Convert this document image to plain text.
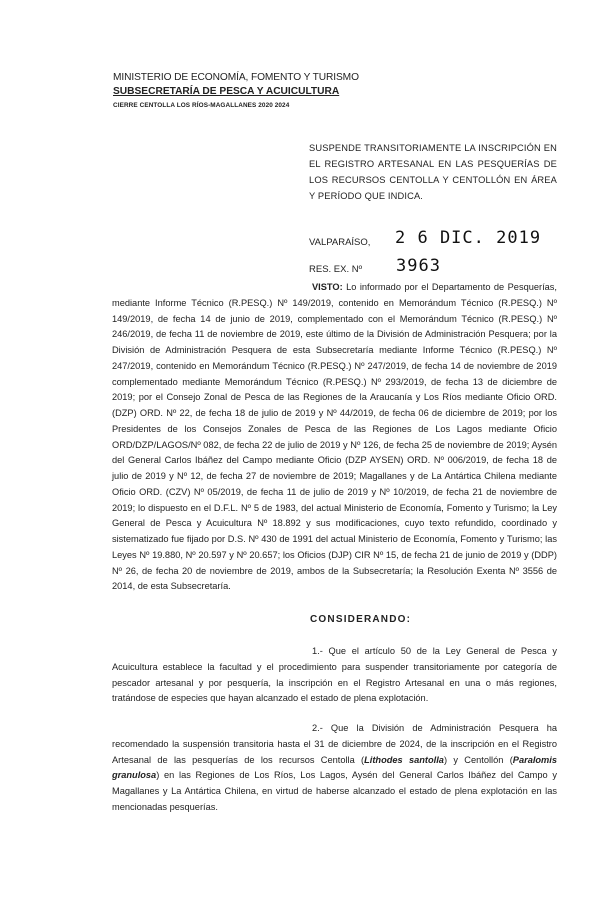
MINISTERIO DE ECONOMÍA, FOMENTO Y TURISMO
SUBSECRETARÍA DE PESCA Y ACUICULTURA
CIERRE CENTOLLA LOS RÍOS-MAGALLANES 2020 2024
SUSPENDE TRANSITORIAMENTE LA INSCRIPCIÓN EN EL REGISTRO ARTESANAL EN LAS PESQUERÍAS DE LOS RECURSOS CENTOLLA Y CENTOLLÓN EN ÁREA Y PERÍODO QUE INDICA.
VALPARAÍSO, 2 6 DIC. 2019
RES. EX. Nº 3963
VISTO: Lo informado por el Departamento de Pesquerías, mediante Informe Técnico (R.PESQ.) Nº 149/2019, contenido en Memorándum Técnico (R.PESQ.) Nº 149/2019, de fecha 14 de junio de 2019, complementado con el Memorándum Técnico (R.PESQ.) Nº 246/2019, de fecha 11 de noviembre de 2019, este último de la División de Administración Pesquera; por la División de Administración Pesquera de esta Subsecretaría mediante Informe Técnico (R.PESQ.) Nº 247/2019, contenido en Memorándum Técnico (R.PESQ.) Nº 247/2019, de fecha 14 de noviembre de 2019 complementado mediante Memorándum Técnico (R.PESQ.) Nº 293/2019, de fecha 13 de diciembre de 2019; por el Consejo Zonal de Pesca de las Regiones de la Araucanía y Los Ríos mediante Oficio ORD. (DZP) ORD. Nº 22, de fecha 18 de julio de 2019 y Nº 44/2019, de fecha 06 de diciembre de 2019; por los Presidentes de los Consejos Zonales de Pesca de las Regiones de Los Lagos mediante Oficio ORD/DZP/LAGOS/Nº 082, de fecha 22 de julio de 2019 y Nº 126, de fecha 25 de noviembre de 2019; Aysén del General Carlos Ibáñez del Campo mediante Oficio (DZP AYSEN) ORD. Nº 006/2019, de fecha 18 de julio de 2019 y Nº 12, de fecha 27 de noviembre de 2019; Magallanes y de La Antártica Chilena mediante Oficio ORD. (CZV) Nº 05/2019, de fecha 11 de julio de 2019 y Nº 10/2019, de fecha 21 de noviembre de 2019; lo dispuesto en el D.F.L. Nº 5 de 1983, del actual Ministerio de Economía, Fomento y Turismo; la Ley General de Pesca y Acuicultura Nº 18.892 y sus modificaciones, cuyo texto refundido, coordinado y sistematizado fue fijado por D.S. Nº 430 de 1991 del actual Ministerio de Economía, Fomento y Turismo; las Leyes Nº 19.880, Nº 20.597 y Nº 20.657; los Oficios (DJP) CIR Nº 15, de fecha 21 de junio de 2019 y (DDP) Nº 26, de fecha 20 de noviembre de 2019, ambos de la Subsecretaría; la Resolución Exenta Nº 3556 de 2014, de esta Subsecretaría.
CONSIDERANDO:
1.- Que el artículo 50 de la Ley General de Pesca y Acuicultura establece la facultad y el procedimiento para suspender transitoriamente por categoría de pescador artesanal y por pesquería, la inscripción en el Registro Artesanal en una o más regiones, tratándose de especies que hayan alcanzado el estado de plena explotación.
2.- Que la División de Administración Pesquera ha recomendado la suspensión transitoria hasta el 31 de diciembre de 2024, de la inscripción en el Registro Artesanal de las pesquerías de los recursos Centolla (Lithodes santolla) y Centollón (Paralomis granulosa) en las Regiones de Los Ríos, Los Lagos, Aysén del General Carlos Ibáñez del Campo y Magallanes y La Antártica Chilena, en virtud de haberse alcanzado el estado de plena explotación en las mencionadas pesquerías.
